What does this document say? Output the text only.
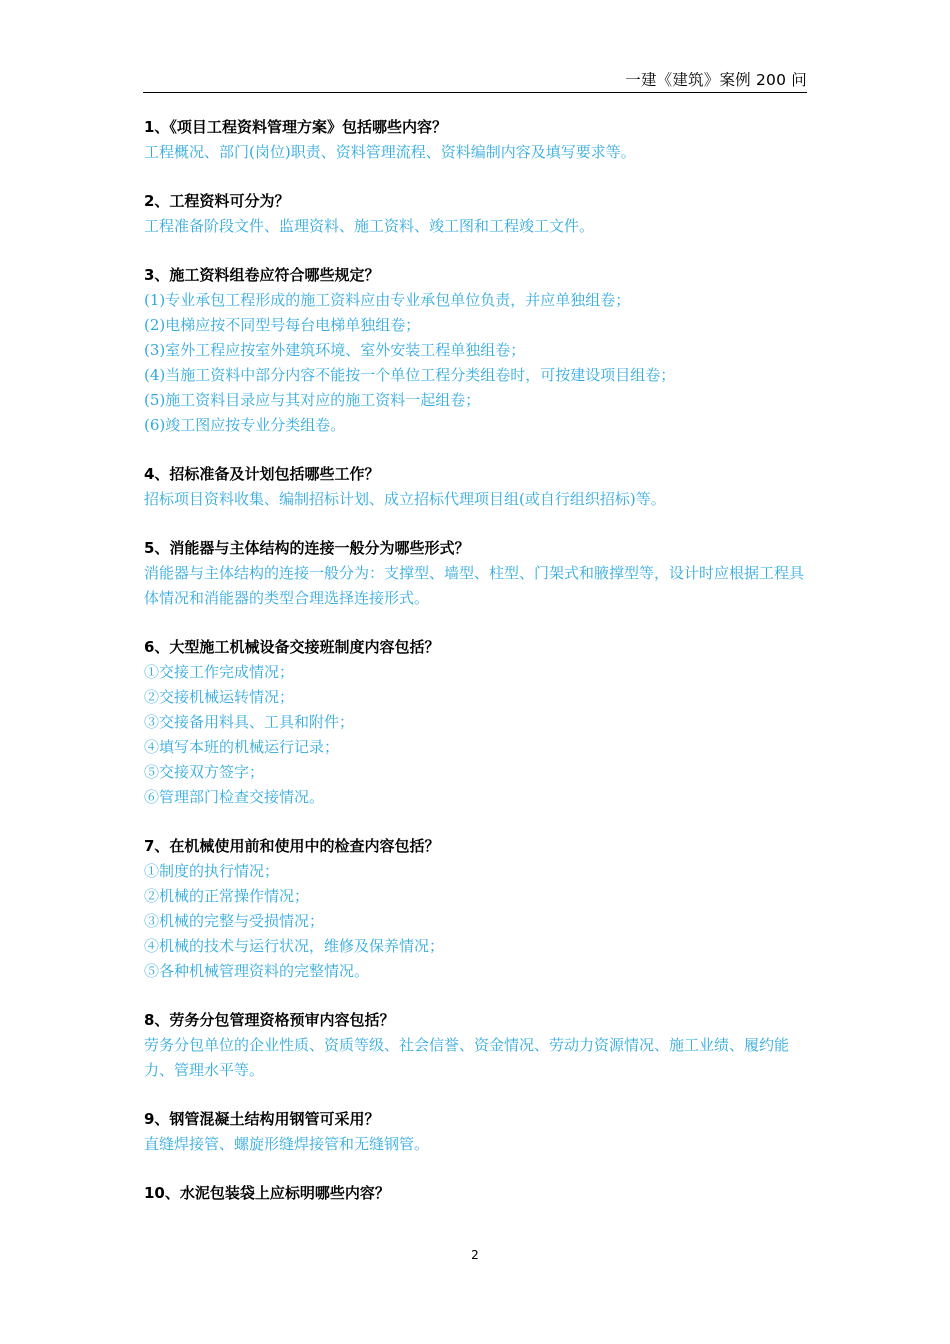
一建《建筑》案例 200 问
1、《项目工程资料管理方案》包括哪些内容？
工程概况、部门(岗位)职责、资料管理流程、资料编制内容及填写要求等。
2、工程资料可分为？
工程准备阶段文件、监理资料、施工资料、竣工图和工程竣工文件。
3、施工资料组卷应符合哪些规定？
(1)专业承包工程形成的施工资料应由专业承包单位负责，并应单独组卷；
(2)电梯应按不同型号每台电梯单独组卷；
(3)室外工程应按室外建筑环境、室外安装工程单独组卷；
(4)当施工资料中部分内容不能按一个单位工程分类组卷时，可按建设项目组卷；
(5)施工资料目录应与其对应的施工资料一起组卷；
(6)竣工图应按专业分类组卷。
4、招标准备及计划包括哪些工作？
招标项目资料收集、编制招标计划、成立招标代理项目组(或自行组织招标)等。
5、消能器与主体结构的连接一般分为哪些形式？
消能器与主体结构的连接一般分为：支撑型、墙型、柱型、门架式和腋撑型等，设计时应根据工程具体情况和消能器的类型合理选择连接形式。
6、大型施工机械设备交接班制度内容包括？
①交接工作完成情况；
②交接机械运转情况；
③交接备用料具、工具和附件；
④填写本班的机械运行记录；
⑤交接双方签字；
⑥管理部门检查交接情况。
7、在机械使用前和使用中的检查内容包括？
①制度的执行情况；
②机械的正常操作情况；
③机械的完整与受损情况；
④机械的技术与运行状况，维修及保养情况；
⑤各种机械管理资料的完整情况。
8、劳务分包管理资格预审内容包括？
劳务分包单位的企业性质、资质等级、社会信誉、资金情况、劳动力资源情况、施工业绩、履约能力、管理水平等。
9、钢管混凝土结构用钢管可采用？
直缝焊接管、螺旋形缝焊接管和无缝钢管。
10、水泥包装袋上应标明哪些内容？
2
